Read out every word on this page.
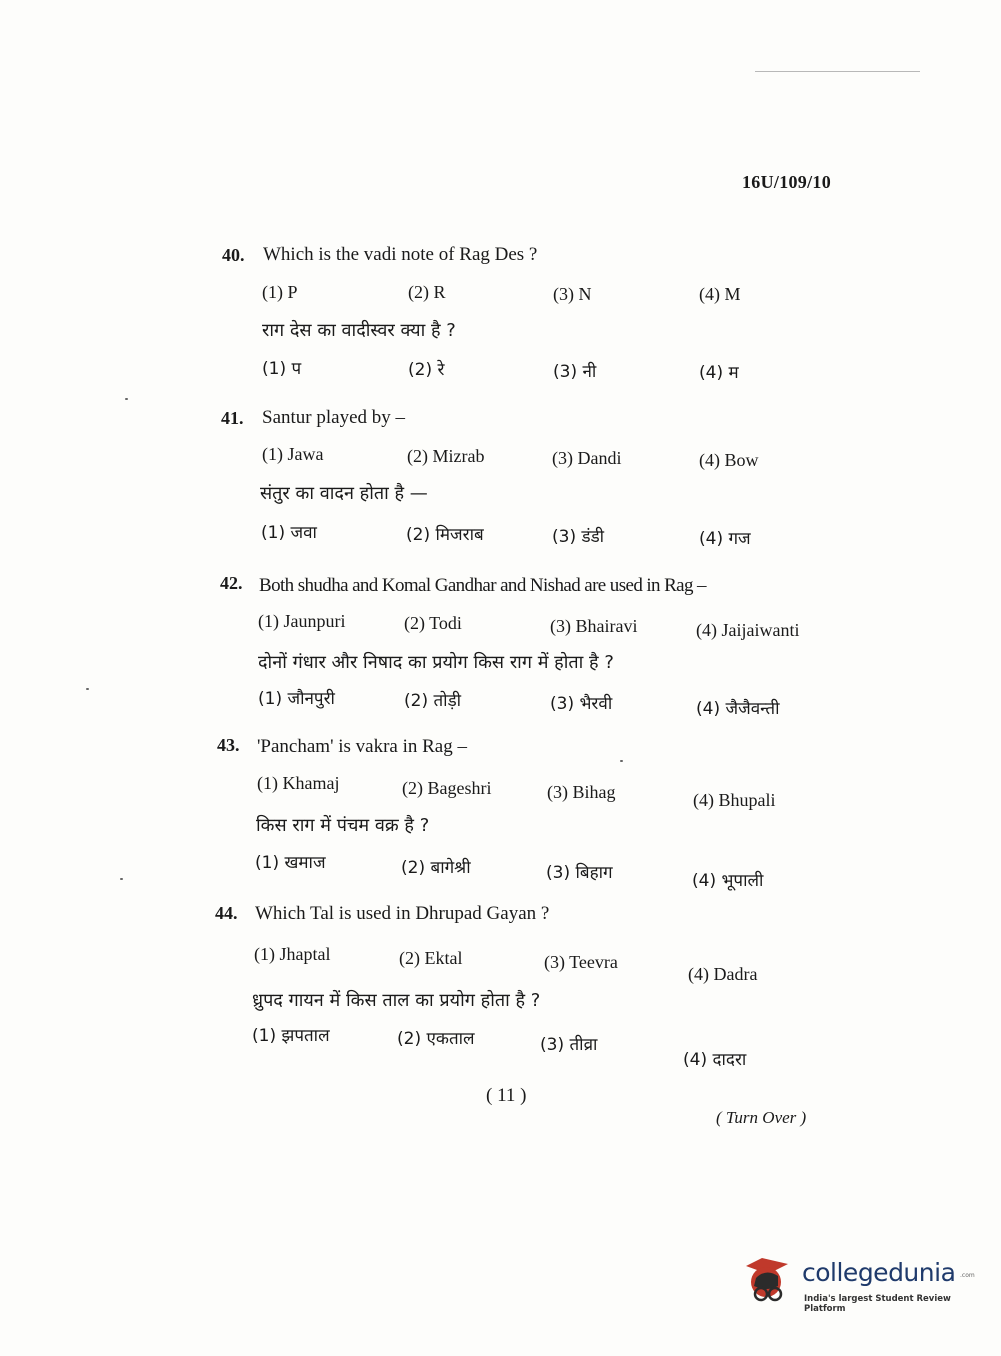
16U/109/10
40. Which is the vadi note of Rag Des ?
(1) P	(2) R	(3) N	(4) M
राग देस का वादीस्वर क्या है ?
(1) प	(2) रे	(3) नी	(4) म
41. Santur played by –
(1) Jawa	(2) Mizrab	(3) Dandi	(4) Bow
संतुर का वादन होता है —
(1) जवा	(2) मिजराब	(3) डंडी	(4) गज
42. Both shudha and Komal Gandhar and Nishad are used in Rag –
(1) Jaunpuri	(2) Todi	(3) Bhairavi	(4) Jaijaiwanti
दोनों गंधार और निषाद का प्रयोग किस राग में होता है ?
(1) जौनपुरी	(2) तोड़ी	(3) भैरवी	(4) जैजैवन्ती
43. 'Pancham' is vakra in Rag –
(1) Khamaj	(2) Bageshri	(3) Bihag	(4) Bhupali
किस राग में पंचम वक्र है ?
(1) खमाज	(2) बागेश्री	(3) बिहाग	(4) भूपाली
44. Which Tal is used in Dhrupad Gayan ?
(1) Jhaptal	(2) Ektal	(3) Teevra
(4) Dadra
ध्रुपद गायन में किस ताल का प्रयोग होता है ?
(1) झपताल	(2) एकताल	(3) तीव्रा
(4) दादरा
( 11 )
( Turn Over )
collegedunia .com
India's largest Student Review Platform
